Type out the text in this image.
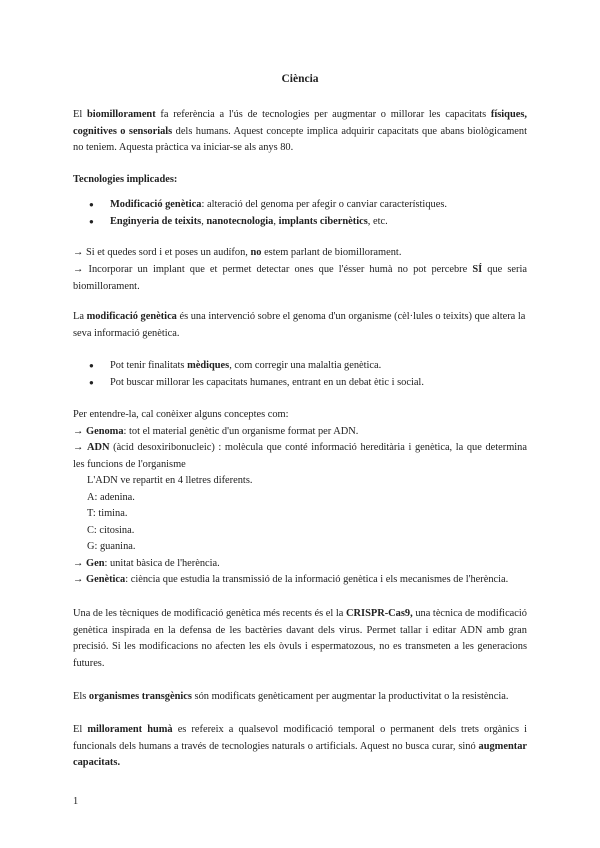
Ciència
El biomillorament fa referència a l'ús de tecnologies per augmentar o millorar les capacitats físiques, cognitives o sensorials dels humans. Aquest concepte implica adquirir capacitats que abans biològicament no teniem. Aquesta pràctica va iniciar-se als anys 80.
Tecnologies implicades:
● Modificació genètica: alteració del genoma per afegir o canviar característiques.
● Enginyeria de teixits, nanotecnologia, implants cibernètics, etc.
→ Si et quedes sord i et poses un audífon, no estem parlant de biomillorament.
→ Incorporar un implant que et permet detectar ones que l'ésser humà no pot percebre SÍ que seria biomillorament.
La modificació genètica és una intervenció sobre el genoma d'un organisme (cèl·lules o teixits) que altera la seva informació genètica.
● Pot tenir finalitats mèdiques, com corregir una malaltia genètica.
● Pot buscar millorar les capacitats humanes, entrant en un debat ètic i social.
Per entendre-la, cal conèixer alguns conceptes com:
→ Genoma: tot el material genètic d'un organisme format per ADN.
→ ADN (àcid desoxiribonucleic) : molècula que conté informació hereditària i genètica, la que determina les funcions de l'organisme
L'ADN ve repartit en 4 lletres diferents.
A: adenina.
T: timina.
C: citosina.
G: guanina.
→ Gen: unitat bàsica de l'herència.
→ Genètica: ciència que estudia la transmissió de la informació genètica i els mecanismes de l'herència.
Una de les tècniques de modificació genètica més recents és el la CRISPR-Cas9, una tècnica de modificació genètica inspirada en la defensa de les bactèries davant dels virus. Permet tallar i editar ADN amb gran precisió. Si les modificacions no afecten les els òvuls i espermatozous, no es transmeten a les generacions futures.
Els organismes transgènics són modificats genèticament per augmentar la productivitat o la resistència.
El millorament humà es refereix a qualsevol modificació temporal o permanent dels trets orgànics i funcionals dels humans a través de tecnologies naturals o artificials. Aquest no busca curar, sinó augmentar capacitats.
1
